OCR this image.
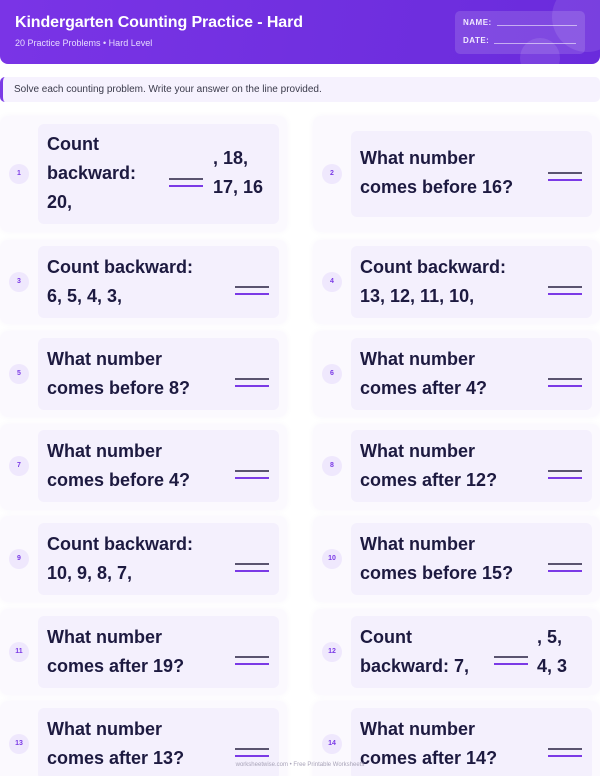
Kindergarten Counting Practice - Hard
20 Practice Problems • Hard Level
NAME:
DATE:
Solve each counting problem. Write your answer on the line provided.
1
Count
backward:
20,
, 18,
17, 16
2
What number
comes before 16?
3
Count backward:
6, 5, 4, 3,
4
Count backward:
13, 12, 11, 10,
5
What number
comes before 8?
6
What number
comes after 4?
7
What number
comes before 4?
8
What number
comes after 12?
9
Count backward:
10, 9, 8, 7,
10
What number
comes before 15?
11
What number
comes after 19?
12
Count
backward: 7,
, 5,
4, 3
13
What number
comes after 13?
14
What number
comes after 14?
worksheetwise.com • Free Printable Worksheets
